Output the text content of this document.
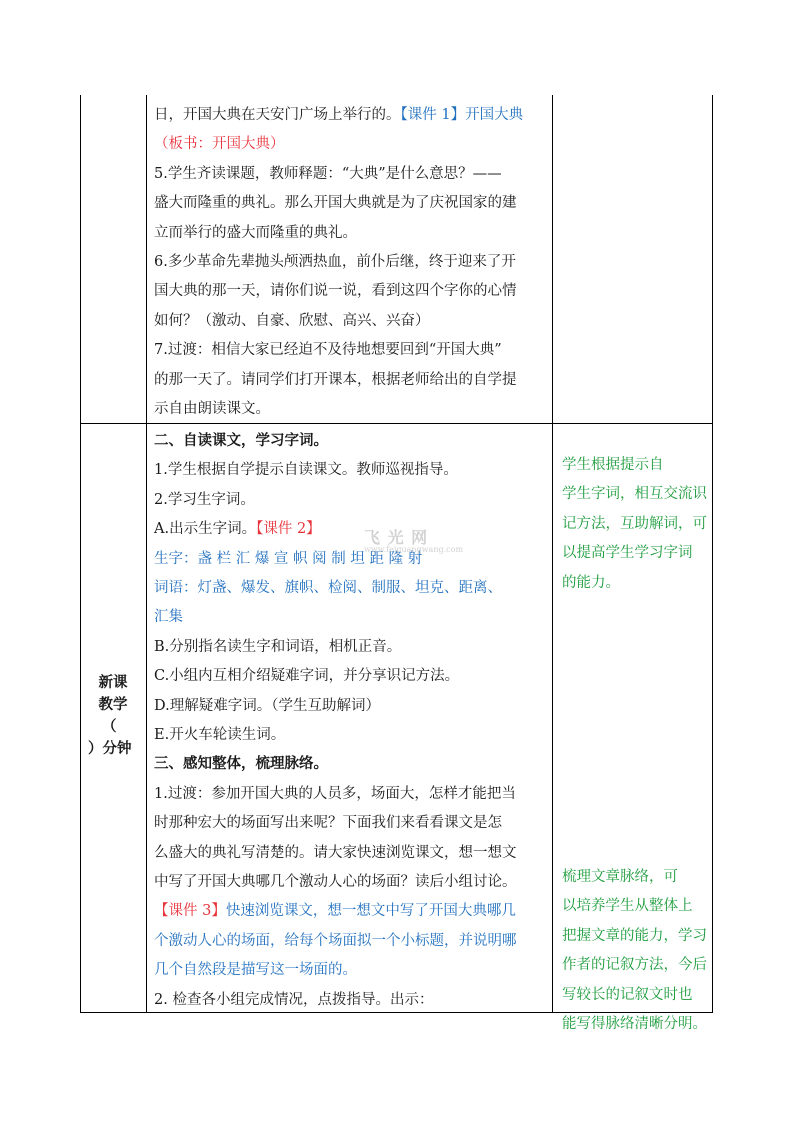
日，开国大典在天安门广场上举行的。【课件 1】开国大典
（板书：开国大典）
5.学生齐读课题，教师释题：“大典”是什么意思？——
盛大而隆重的典礼。那么开国大典就是为了庆祝国家的建
立而举行的盛大而隆重的典礼。
6.多少革命先辈抛头颅洒热血，前仆后继，终于迎来了开
国大典的那一天，请你们说一说，看到这四个字你的心情
如何？（激动、自豪、欣慰、高兴、兴奋）
7.过渡：相信大家已经迫不及待地想要回到“开国大典”
的那一天了。请同学们打开课本，根据老师给出的自学提
示自由朗读课文。
新课
教学
（
）分钟
二、自读课文，学习字词。
1.学生根据自学提示自读课文。教师巡视指导。
2.学习生字词。
A.出示生字词。【课件 2】
生字：盏 栏 汇 爆 宣 帜 阅 制 坦 距 隆 射
词语：灯盏、爆发、旗帜、检阅、制服、坦克、距离、
汇集
B.分别指名读生字和词语，相机正音。
C.小组内互相介绍疑难字词，并分享识记方法。
D.理解疑难字词。（学生互助解词）
E.开火车轮读生词。
三、感知整体，梳理脉络。
1.过渡：参加开国大典的人员多，场面大，怎样才能把当
时那种宏大的场面写出来呢？下面我们来看看课文是怎
么盛大的典礼写清楚的。请大家快速浏览课文，想一想文
中写了开国大典哪几个激动人心的场面？读后小组讨论。
【课件 3】快速浏览课文，想一想文中写了开国大典哪几
个激动人心的场面，给每个场面拟一个小标题，并说明哪
几个自然段是描写这一场面的。
2. 检查各小组完成情况，点拨指导。出示：
学生根据提示自
学生字词，相互交流识
记方法，互助解词，可
以提高学生学习字词
的能力。
梳理文章脉络，可
以培养学生从整体上
把握文章的能力，学习
作者的记叙方法，今后
写较长的记叙文时也
能写得脉络清晰分明。
飞 光 网
www.feiguangwang.com
